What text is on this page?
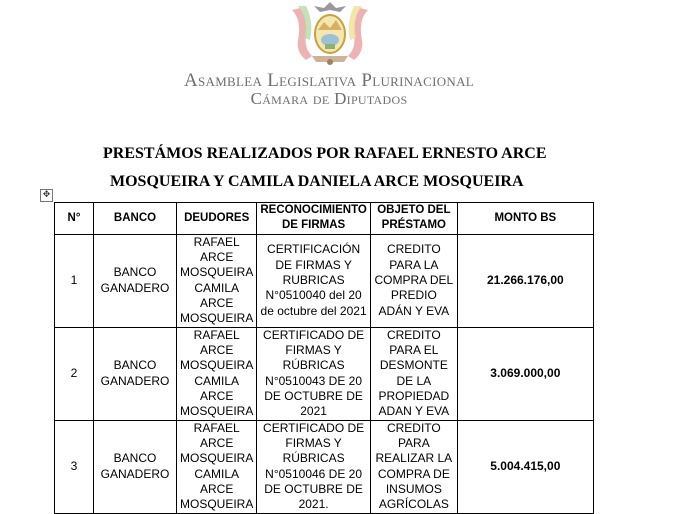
Asamblea Legislativa Plurinacional
Cámara de Diputados
PRESTÁMOS REALIZADOS POR RAFAEL ERNESTO ARCE
MOSQUEIRA Y CAMILA DANIELA ARCE MOSQUEIRA
✥
N°	BANCO	DEUDORES	RECONOCIMIENTO DE FIRMAS	OBJETO DEL PRÉSTAMO	MONTO BS
1	BANCO GANADERO	RAFAEL ARCE MOSQUEIRA CAMILA ARCE MOSQUEIRA	CERTIFICACIÓN DE FIRMAS Y RUBRICAS N°0510040 del 20 de octubre del 2021	CREDITO PARA LA COMPRA DEL PREDIO ADÁN Y EVA	21.266.176,00
2	BANCO GANADERO	RAFAEL ARCE MOSQUEIRA CAMILA ARCE MOSQUEIRA	CERTIFICADO DE FIRMAS Y RÚBRICAS N°0510043 DE 20 DE OCTUBRE DE 2021	CREDITO PARA EL DESMONTE DE LA PROPIEDAD ADAN Y EVA	3.069.000,00
3	BANCO GANADERO	RAFAEL ARCE MOSQUEIRA CAMILA ARCE MOSQUEIRA	CERTIFICADO DE FIRMAS Y RÚBRICAS N°0510046 DE 20 DE OCTUBRE DE 2021.	CREDITO PARA REALIZAR LA COMPRA DE INSUMOS AGRÍCOLAS	5.004.415,00
